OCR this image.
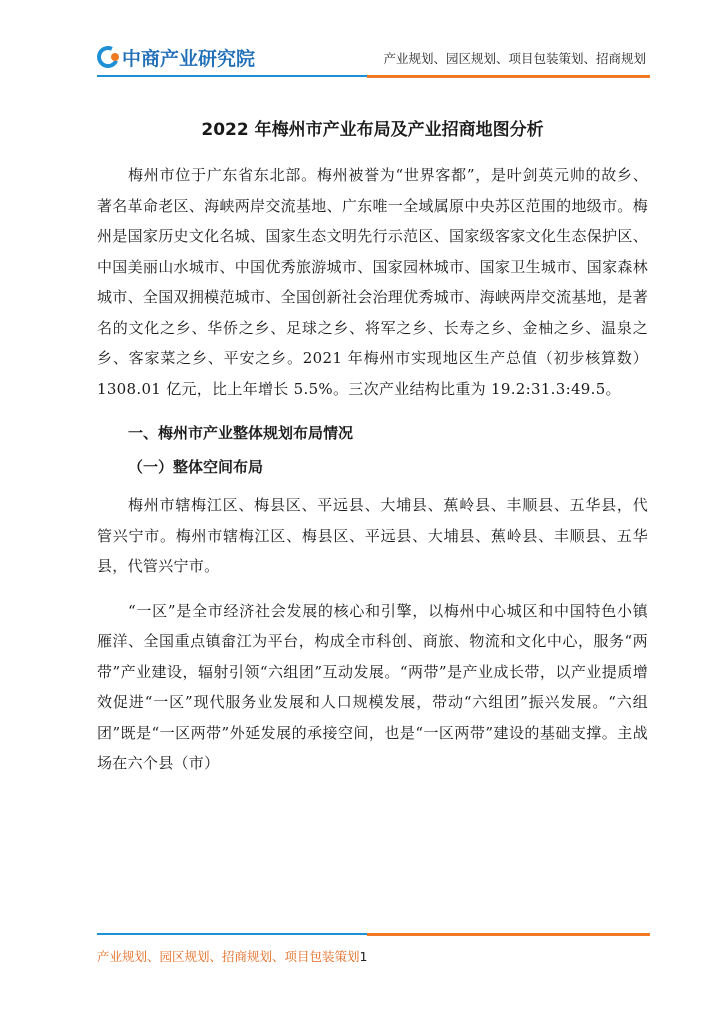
中商产业研究院	产业规划、园区规划、项目包装策划、招商规划
2022 年梅州市产业布局及产业招商地图分析

梅州市位于广东省东北部。梅州被誉为“世界客都”，是叶剑英元帅的故乡、著名革命老区、海峡两岸交流基地、广东唯一全域属原中央苏区范围的地级市。梅州是国家历史文化名城、国家生态文明先行示范区、国家级客家文化生态保护区、中国美丽山水城市、中国优秀旅游城市、国家园林城市、国家卫生城市、国家森林城市、全国双拥模范城市、全国创新社会治理优秀城市、海峡两岸交流基地，是著名的文化之乡、华侨之乡、足球之乡、将军之乡、长寿之乡、金柚之乡、温泉之乡、客家菜之乡、平安之乡。2021 年梅州市实现地区生产总值（初步核算数）1308.01 亿元，比上年增长 5.5%。三次产业结构比重为 19.2:31.3:49.5。

一、梅州市产业整体规划布局情况
（一）整体空间布局

梅州市辖梅江区、梅县区、平远县、大埔县、蕉岭县、丰顺县、五华县，代管兴宁市。梅州市辖梅江区、梅县区、平远县、大埔县、蕉岭县、丰顺县、五华县，代管兴宁市。

“一区”是全市经济社会发展的核心和引擎，以梅州中心城区和中国特色小镇雁洋、全国重点镇畲江为平台，构成全市科创、商旅、物流和文化中心，服务“两带”产业建设，辐射引领“六组团”互动发展。“两带”是产业成长带，以产业提质增效促进“一区”现代服务业发展和人口规模发展，带动“六组团”振兴发展。“六组团”既是“一区两带”外延发展的承接空间，也是“一区两带”建设的基础支撑。主战场在六个县（市）

产业规划、园区规划、招商规划、项目包装策划1
